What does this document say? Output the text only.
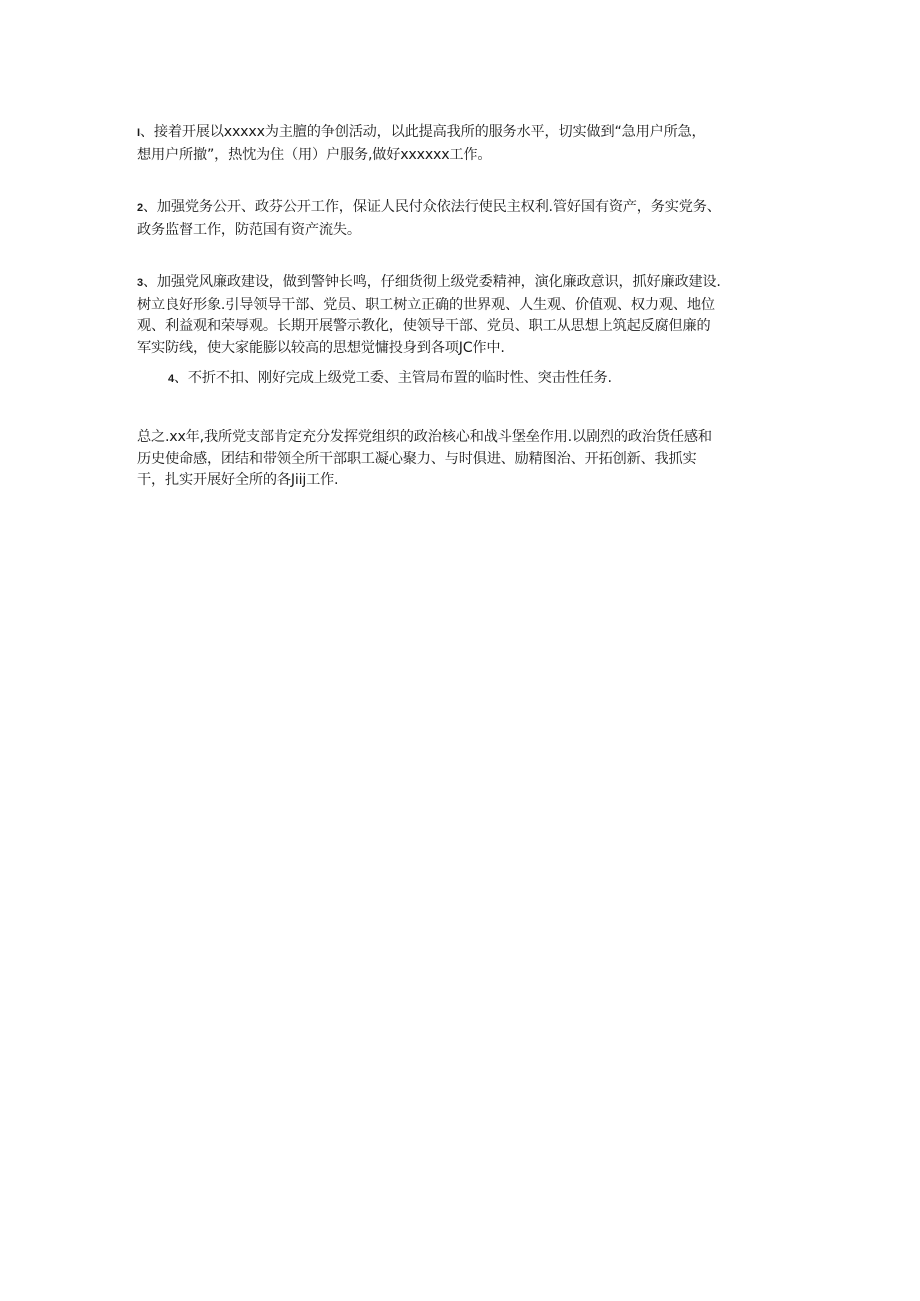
I、接着开展以xxxxx为主膻的争创活动，以此提高我所的服务水平，切实做到“急用户所急，
想用户所撤”，热忱为住（用）户服务,做好xxxxxx工作。

2、加强党务公开、政芬公开工作，保证人民付众依法行使民主权利.管好国有资产，务实党务、
政务监督工作，防范国有资产流失。

3、加强党风廉政建设，做到警钟长鸣，仔细货彻上级党委精神，演化廉政意识，抓好廉政建设.
树立良好形象.引导领导干部、党员、职工树立正确的世界观、人生观、价值观、权力观、地位
观、利益观和荣辱观。长期开展警示教化，使领导干部、党员、职工从思想上筑起反腐但廉的
军实防线，使大家能膨以较高的思想觉慵投身到各项JC作中.

4、不折不扣、刚好完成上级党工委、主管局布置的临时性、突击性任务.

总之.xx年,我所党支部肯定充分发挥党组织的政治核心和战斗堡垒作用.以剧烈的政治货任感和
历史使命感，团结和带领全所干部职工凝心聚力、与时俱进、励精图治、开拓创新、我抓实
干，扎实开展好全所的各Jiij工作.
